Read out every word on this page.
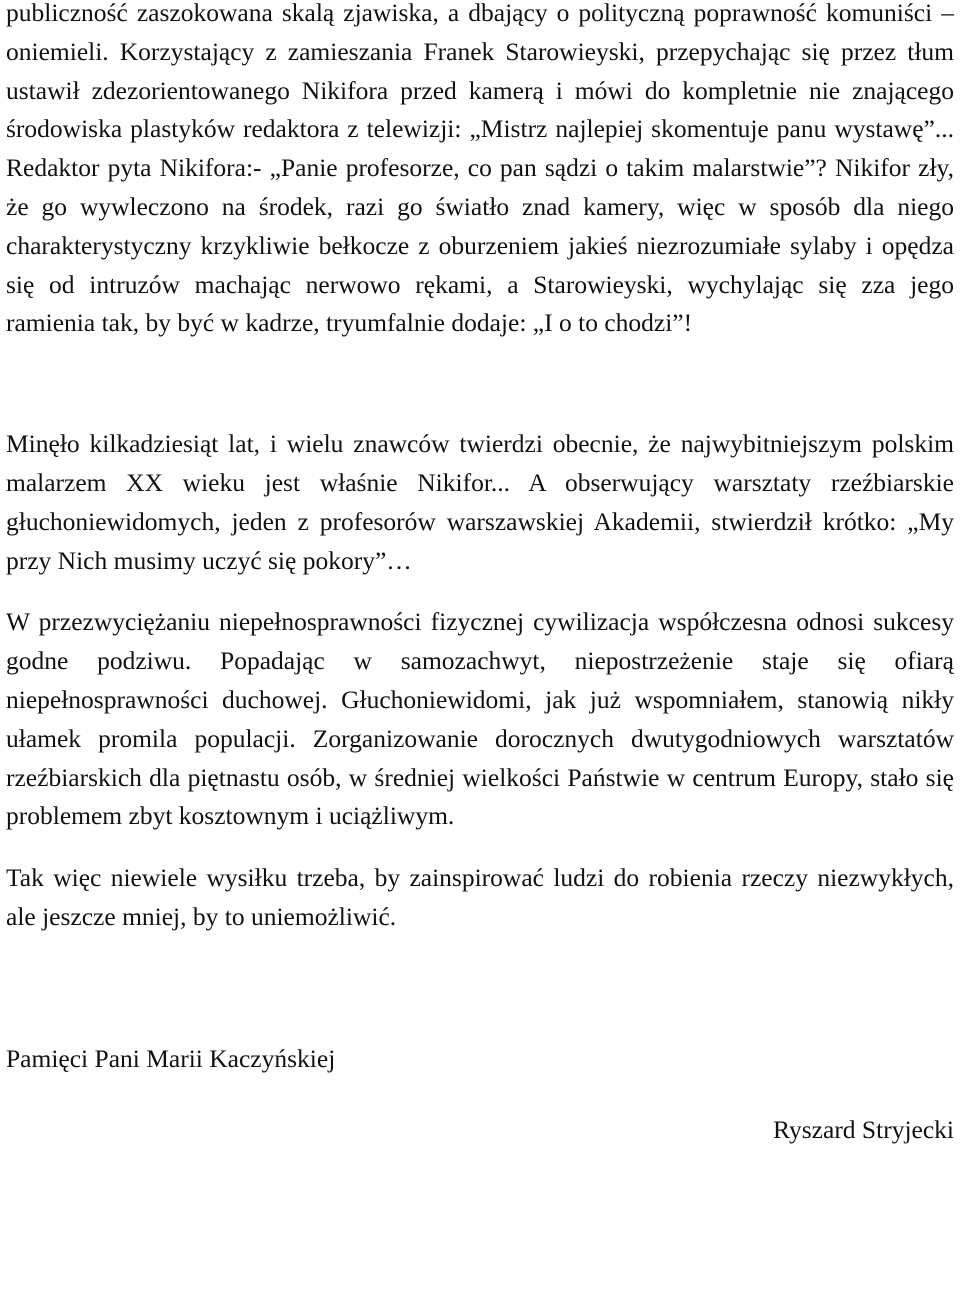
publiczność zaszokowana skalą zjawiska, a dbający o polityczną poprawność komuniści – oniemieli. Korzystający z zamieszania Franek Starowieyski, przepychając się przez tłum ustawił zdezorientowanego Nikifora przed kamerą i mówi do kompletnie nie znającego środowiska plastyków redaktora z telewizji: „Mistrz najlepiej skomentuje panu wystawę”... Redaktor pyta Nikifora:- „Panie profesorze, co pan sądzi o takim malarstwie”? Nikifor zły, że go wywleczono na środek, razi go światło znad kamery, więc w sposób dla niego charakterystyczny krzykliwie bełkocze z oburzeniem jakieś niezrozumiałe sylaby i opędza się od intruzów machając nerwowo rękami, a Starowieyski, wychylając się zza jego ramienia tak, by być w kadrze, tryumfalnie dodaje: „I o to chodzi”!

Minęło kilkadziesiąt lat, i wielu znawców twierdzi obecnie, że najwybitniejszym polskim malarzem XX wieku jest właśnie Nikifor... A obserwujący warsztaty rzeźbiarskie głuchoniewidomych, jeden z profesorów warszawskiej Akademii, stwierdził krótko: „My przy Nich musimy uczyć się pokory”…

W przezwyciężaniu niepełnosprawności fizycznej cywilizacja współczesna odnosi sukcesy godne podziwu. Popadając w samozachwyt, niepostrzeżenie staje się ofiarą niepełnosprawności duchowej. Głuchoniewidomi, jak już wspomniałem, stanowią nikły ułamek promila populacji. Zorganizowanie dorocznych dwutygodniowych warsztatów rzeźbiarskich dla piętnastu osób, w średniej wielkości Państwie w centrum Europy, stało się problemem zbyt kosztownym i uciążliwym.

Tak więc niewiele wysiłku trzeba, by zainspirować ludzi do robienia rzeczy niezwykłych, ale jeszcze mniej, by to uniemożliwić.

Pamięci Pani Marii Kaczyńskiej

Ryszard Stryjecki
